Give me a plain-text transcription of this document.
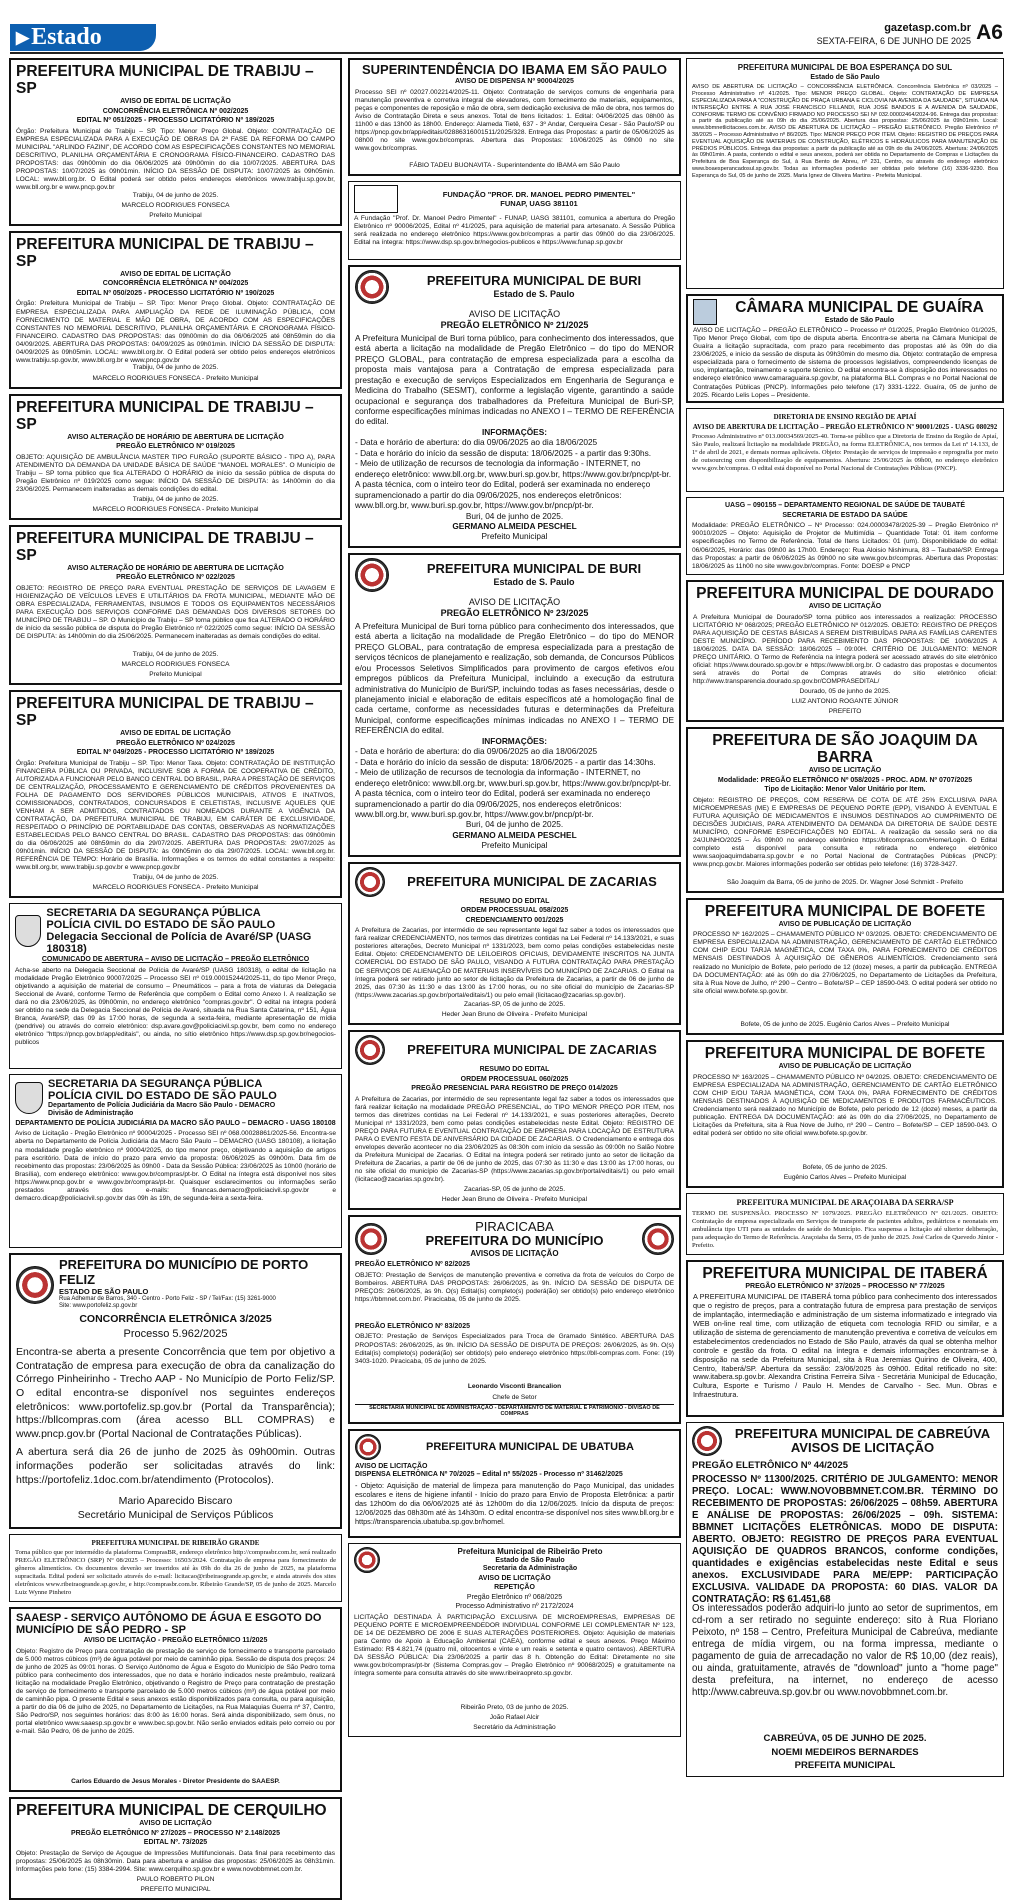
▶Estado	gazetasp.com.br
SEXTA-FEIRA, 6 DE JUNHO DE 2025 A6
PREFEITURA MUNICIPAL DE TRABIJU – SP
AVISO DE EDITAL DE LICITAÇÃO
CONCORRÊNCIA ELETRÔNICA Nº 002/2025
EDITAL Nº 051/2025 - PROCESSO LICITATÓRIO Nº 189/2025

Órgão: Prefeitura Municipal de Trabiju – SP. Tipo: Menor Preço Global. Objeto: CONTRATAÇÃO DE EMPRESA ESPECIALIZADA PARA A EXECUÇÃO DE OBRAS DA 2ª FASE DA REFORMA DO CAMPO MUNICIPAL "ARLINDO FAZINI", DE ACORDO COM AS ESPECIFICAÇÕES CONSTANTES NO MEMORIAL DESCRITIVO, PLANILHA ORÇAMENTÁRIA E CRONOGRAMA FÍSICO-FINANCEIRO. CADASTRO DAS PROPOSTAS: das 09h00min do dia 06/06/2025 até 09h00min do dia 10/07/2025. ABERTURA DAS PROPOSTAS: 10/07/2025 às 09h01min. INÍCIO DA SESSÃO DE DISPUTA: 10/07/2025 às 09h05min. LOCAL: www.bll.org.br. O Edital poderá ser obtido pelos endereços eletrônicos www.trabiju.sp.gov.br, www.bll.org.br e www.pncp.gov.br

Trabiju, 04 de junho de 2025.
MARCELO RODRIGUES FONSECA
Prefeito Municipal
PREFEITURA MUNICIPAL DE TRABIJU – SP
AVISO DE EDITAL DE LICITAÇÃO
CONCORRÊNCIA ELETRÔNICA Nº 004/2025
EDITAL Nº 050/2025 - PROCESSO LICITATÓRIO Nº 190/2025

Órgão: Prefeitura Municipal de Trabiju – SP. Tipo: Menor Preço Global. Objeto: CONTRATAÇÃO DE EMPRESA ESPECIALIZADA PARA AMPLIAÇÃO DA REDE DE ILUMINAÇÃO PÚBLICA, COM FORNECIMENTO DE MATERIAL E MÃO DE OBRA, DE ACORDO COM AS ESPECIFICAÇÕES CONSTANTES NO MEMORIAL DESCRITIVO, PLANILHA ORÇAMENTÁRIA E CRONOGRAMA FÍSICO-FINANCEIRO. CADASTRO DAS PROPOSTAS: das 09h00min do dia 06/06/2025 até 08h59min do dia 04/09/2025. ABERTURA DAS PROPOSTAS: 04/09/2025 às 09h01min. INÍCIO DA SESSÃO DE DISPUTA: 04/09/2025 às 09h05min. LOCAL: www.bll.org.br. O Edital poderá ser obtido pelos endereços eletrônicos www.trabiju.sp.gov.br, www.bll.org.br e www.pncp.gov.br

Trabiju, 04 de junho de 2025.
MARCELO RODRIGUES FONSECA - Prefeito Municipal
PREFEITURA MUNICIPAL DE TRABIJU – SP
AVISO ALTERAÇÃO DE HORÁRIO DE ABERTURA DE LICITAÇÃO
PREGÃO ELETRÔNICO Nº 019/2025

OBJETO: AQUISIÇÃO DE AMBULÂNCIA MASTER TIPO FURGÃO (SUPORTE BÁSICO - TIPO A), PARA ATENDIMENTO DA DEMANDA DA UNIDADE BÁSICA DE SAÚDE "MANOEL MORALES". O Município de Trabiju – SP torna público que fica ALTERADO O HORÁRIO de início da sessão pública de disputa do Pregão Eletrônico nº 019/2025 como segue: INÍCIO DA SESSÃO DE DISPUTA: às 14h00min do dia 23/06/2025. Permanecem inalteradas as demais condições do edital.

Trabiju, 04 de junho de 2025.
MARCELO RODRIGUES FONSECA - Prefeito Municipal
PREFEITURA MUNICIPAL DE TRABIJU – SP
AVISO ALTERAÇÃO DE HORÁRIO DE ABERTURA DE LICITAÇÃO
PREGÃO ELETRÔNICO Nº 022/2025

OBJETO: REGISTRO DE PREÇO PARA EVENTUAL PRESTAÇÃO DE SERVIÇOS DE LAVAGEM E HIGIENIZAÇÃO DE VEÍCULOS LEVES E UTILITÁRIOS DA FROTA MUNICIPAL, MEDIANTE MÃO DE OBRA ESPECIALIZADA, FERRAMENTAS, INSUMOS E TODOS OS EQUIPAMENTOS NECESSÁRIOS PARA EXECUÇÃO DOS SERVIÇOS CONFORME DAS DEMANDAS DOS DIVERSOS SETORES DO MUNICÍPIO DE TRABIJU – SP. O Município de Trabiju – SP torna público que fica ALTERADO O HORÁRIO de início da sessão pública de disputa do Pregão Eletrônico nº 022/2025 como segue: INÍCIO DA SESSÃO DE DISPUTA: às 14h00min do dia 25/06/2025. Permanecem inalteradas as demais condições do edital.

Trabiju, 04 de junho de 2025.
MARCELO RODRIGUES FONSECA
Prefeito Municipal
PREFEITURA MUNICIPAL DE TRABIJU – SP
AVISO DE EDITAL DE LICITAÇÃO
PREGÃO ELETRÔNICO Nº 024/2025
EDITAL Nº 049/2025 - PROCESSO LICITATÓRIO Nº 189/2025

Órgão: Prefeitura Municipal de Trabiju – SP. Tipo: Menor Taxa. Objeto: CONTRATAÇÃO DE INSTITUIÇÃO FINANCEIRA PÚBLICA OU PRIVADA, INCLUSIVE SOB A FORMA DE COOPERATIVA DE CRÉDITO, AUTORIZADA A FUNCIONAR PELO BANCO CENTRAL DO BRASIL, PARA A PRESTAÇÃO DE SERVIÇOS DE CENTRALIZAÇÃO, PROCESSAMENTO E GERENCIAMENTO DE CRÉDITOS PROVENIENTES DA FOLHA DE PAGAMENTO DOS SERVIDORES PÚBLICOS MUNICIPAIS, ATIVOS E INATIVOS, COMISSIONADOS, CONTRATADOS, CONCURSADOS E CELETISTAS, INCLUSIVE AQUELES QUE VENHAM A SER ADMITIDOS, CONTRATADOS OU NOMEADOS DURANTE A VIGÊNCIA DA CONTRATAÇÃO, DA PREFEITURA MUNICIPAL DE TRABIJU, EM CARÁTER DE EXCLUSIVIDADE, RESPEITADO O PRINCÍPIO DE PORTABILIDADE DAS CONTAS, OBSERVADAS AS NORMATIZAÇÕES ESTABELECIDAS PELO BANCO CENTRAL DO BRASIL. CADASTRO DAS PROPOSTAS: das 09h00min do dia 06/06/2025 até 08h59min do dia 29/07/2025. ABERTURA DAS PROPOSTAS: 29/07/2025 às 09h01min. INÍCIO DA SESSÃO DE DISPUTA: às 09h05min do dia 29/07/2025. LOCAL: www.bll.org.br. REFERÊNCIA DE TEMPO: Horário de Brasília. Informações e os termos do edital constantes a respeito: www.bll.org.br, www.trabiju.sp.gov.br e www.pncp.gov.br

Trabiju, 04 de junho de 2025.
MARCELO RODRIGUES FONSECA - Prefeito Municipal
SECRETARIA DA SEGURANÇA PÚBLICA
POLÍCIA CIVIL DO ESTADO DE SÃO PAULO
Delegacia Seccional de Polícia de Avaré/SP (UASG 180318)
COMUNICADO DE ABERTURA – AVISO DE LICITAÇÃO – PREGÃO ELETRÔNICO

Acha-se aberto na Delegacia Seccional de Polícia de Avaré/SP (UASG 180318), o edital de licitação na modalidade Pregão Eletrônico 90007/2025 – Processo SEI nº 019.00015244/2025-11, do tipo Menor Preço, objetivando a aquisição de material de consumo – Pneumáticos – para a frota de viaturas da Delegacia Seccional de Avaré, conforme Termo de Referência que compõem o Edital como Anexo I. A realização se dará no dia 23/06/2025, às 09h00min, no endereço eletrônico "compras.gov.br". O edital na íntegra poderá ser obtido na sede da Delegacia Seccional de Polícia de Avaré, situada na Rua Santa Catarina, nº 151, Água Branca, Avaré/SP, das 09 às 17:00 horas, de segunda a sexta-feira, mediante apresentação de mídia (pendrive) ou através do correio eletrônico: dsp.avare.gov@policiacivil.sp.gov.br, bem como no endereço eletrônico "https://pncp.gov.br/app/editais", ou ainda, no sítio eletrônico https://www.dsp.sp.gov.br/negocios-publicos

SECRETARIA DA SEGURANÇA PÚBLICA
POLÍCIA CIVIL DO ESTADO DE SÃO PAULO
Departamento de Polícia Judiciária da Macro São Paulo - DEMACRO
Divisão de Administração
DEPARTAMENTO DE POLÍCIA JUDICIÁRIA DA MACRO SÃO PAULO – DEMACRO - UASG 180108

Aviso de Licitação - Pregão Eletrônico nº 90004/2025 - Processo SEI nº 068.00028861/2025-56. Encontra-se aberta no Departamento de Polícia Judiciária da Macro São Paulo – DEMACRO (UASG 180108), a licitação na modalidade pregão eletrônico nº 90004/2025, do tipo menor preço, objetivando a aquisição de artigos para escritório. Data de início do prazo para envio da proposta: 06/06/2025 às 09h00m. Data fim de recebimento das propostas: 23/06/2025 às 09h00 - Data da Sessão Pública: 23/06/2025 às 10h00 (horário de Brasília), com endereço eletrônico: www.gov.br/compras/pt-br. O Edital na íntegra está disponível nos sites https://www.pncp.gov.br e www.gov.br/compras/pt-br. Quaisquer esclarecimentos ou informações serão prestados através dos e-mails: financas.demacro@policiacivil.sp.gov.br e demacro.dicap@policiacivil.sp.gov.br das 09h às 19h, de segunda-feira a sexta-feira.

PREFEITURA DO MUNICÍPIO DE PORTO FELIZ
ESTADO DE SÃO PAULO
Rua Adhemar de Barros, 340 - Centro - Porto Feliz - SP / Tel/Fax: (15) 3261-9000
Site: www.portofeliz.sp.gov.br
CONCORRÊNCIA ELETRÔNICA 3/2025
Processo 5.962/2025

Encontra-se aberta a presente Concorrência que tem por objetivo a Contratação de empresa para execução de obra da canalização do Córrego Pinheirinho - Trecho AAP - No Município de Porto Feliz/SP. O edital encontra-se disponível nos seguintes endereços eletrônicos: www.portofeliz.sp.gov.br (Portal da Transparência); https://bllcompras.com (área acesso BLL COMPRAS) e www.pncp.gov.br (Portal Nacional de Contratações Públicas).

A abertura será dia 26 de junho de 2025 às 09h00min. Outras informações poderão ser solicitadas através do link: https://portofeliz.1doc.com.br/atendimento (Protocolos).

Mario Aparecido Biscaro

Secretário Municipal de Serviços Públicos

PREFEITURA MUNICIPAL DE RIBEIRÃO GRANDE

Torna público que por intermédio da plataforma ComprasBR, endereço eletrônico http://comprasbr.com.br, será realizado PREGÃO ELETRÔNICO (SRP) Nº 08/2025 – Processo: 16503/2024. Contratação de empresa para fornecimento de gêneros alimentícios. Os documentos deverão ser inseridos até às 09h do dia 26 de junho de 2025, na plataforma supracitada. Edital poderá ser solicitado através do e-mail: licitacao@ribeiraogrande.sp.gov.br, e ainda através dos sites eletrônicos www.ribeiraogrande.sp.gov.br, e http://comprasbr.com.br. Ribeirão Grande/SP, 05 de junho de 2025. Marcelo Luiz Wynne Pinheiro

SAAESP - SERVIÇO AUTÔNOMO DE ÁGUA E ESGOTO DO MUNICÍPIO DE SÃO PEDRO - SP
AVISO DE LICITAÇÃO - PREGÃO ELETRÔNICO 11/2025

Objeto: Registro de Preço para contratação de prestação de serviço de fornecimento e transporte parcelado de 5.000 metros cúbicos (m³) de água potável por meio de caminhão pipa. Sessão de disputa dos preços: 24 de junho de 2025 às 09:01 horas. O Serviço Autônomo de Água e Esgoto do Município de São Pedro torna público para conhecimento dos interessados, que no data e horário indicados neste preâmbulo, realizará licitação na modalidade Pregão Eletrônico, objetivando o Registro de Preço para contratação de prestação de serviço de fornecimento e transporte parcelado de 5.000 metros cúbicos (m³) de água potável por meio de caminhão pipa. O presente Edital e seus anexos estão disponibilizados para consulta, ou para aquisição, a partir do dia 06 de julho de 2025, no Departamento de Licitações, na Rua Malaquias Guerra nº 37, Centro, São Pedro/SP, nos seguintes horários: das 8:00 às 16:00 horas. Será ainda disponibilizado, sem ônus, no portal eletrônico www.saaesp.sp.gov.br e www.bec.sp.gov.br. Não serão enviados editais pelo correio ou por e-mail. São Pedro, 06 de junho de 2025.

Carlos Eduardo de Jesus Morales - Diretor Presidente do SAAESP.
PREFEITURA MUNICIPAL DE CERQUILHO
AVISO DE LICITAÇÃO
PREGÃO ELETRÔNICO Nº 27/2025 – PROCESSO Nº 2.148/2025
EDITAL Nº. 73/2025

Objeto: Prestação de Serviço de Açougue de Impressões Multifuncionais. Data final para recebimento das propostas: 25/06/2025 às 08h30min. Data para abertura e análise das propostas: 25/06/2025 às 08h31min. Informações pelo fone: (15) 3384-2994. Site: www.cerquilho.sp.gov.br e www.novobbmnet.com.br.

PAULO ROBERTO PILON
PREFEITO MUNICIPAL
SUPERINTENDÊNCIA DO IBAMA EM SÃO PAULO
AVISO DE DISPENSA Nº 90004/2025

Processo SEI nº 02027.002214/2025-11. Objeto: Contratação de serviços comuns de engenharia para manutenção preventiva e corretiva integral de elevadores, com fornecimento de materiais, equipamentos, peças e componentes de reposição e mão de obra, sem dedicação exclusiva de mão de obra, nos termos do Aviso de Contratação Direta e seus anexos. Total de Itens licitados: 1. Edital: 04/06/2025 das 08h00 às 11h00 e das 13h00 às 18h00. Endereço: Alameda Tietê, 637 - 3º Andar, Cerqueira Cesar - São Paulo/SP ou https://pncp.gov.br/app/editais/02886316001511/2025/328. Entrega das Propostas: a partir de 05/06/2025 às 08h00 no site www.gov.br/compras. Abertura das Propostas: 10/06/2025 às 09h00 no site www.gov.br/compras.

FÁBIO TADEU BUONAVITA - Superintendente do IBAMA em São Paulo
FUNDAÇÃO "PROF. DR. MANOEL PEDRO PIMENTEL"
FUNAP, UASG 381101

A Fundação "Prof. Dr. Manoel Pedro Pimentel" - FUNAP, UASG 381101, comunica a abertura do Pregão Eletrônico nº 90006/2025, Edital nº 41/2025, para aquisição de material para artesanato. A Sessão Pública será realizada no endereço eletrônico https://www.gov.br/compras a partir das 09h00 do dia 23/06/2025. Edital na íntegra: https://www.dsp.sp.gov.br/negocios-publicos e https://www.funap.sp.gov.br

PREFEITURA MUNICIPAL DE BURI
Estado de S. Paulo
AVISO DE LICITAÇÃO
PREGÃO ELETRÔNICO Nº 21/2025

A Prefeitura Municipal de Buri torna público, para conhecimento dos interessados, que está aberta a licitação na modalidade de Pregão Eletrônico – do tipo do MENOR PREÇO GLOBAL, para contratação de empresa especializada para a escolha da proposta mais vantajosa para a Contratação de empresa especializada para prestação e execução de serviços Especializados em Engenharia de Segurança e Medicina do Trabalho (SESMT), conforme a legislação vigente, garantindo a saúde ocupacional e segurança dos trabalhadores da Prefeitura Municipal de Buri-SP, conforme especificações mínimas indicadas no ANEXO I – TERMO DE REFERÊNCIA do edital.

INFORMAÇÕES:
- Data e horário de abertura: do dia 09/06/2025 ao dia 18/06/2025
- Data e horário do início da sessão de disputa: 18/06/2025 - a partir das 9:30hs.
- Meio de utilização de recursos de tecnologia da informação - INTERNET, no endereço eletrônico: www.bll.org.br, www.buri.sp.gov.br, https://www.gov.br/pncp/pt-br. A pasta técnica, com o inteiro teor do Edital, poderá ser examinada no endereço supramencionado a partir do dia 09/06/2025, nos endereços eletrônicos: www.bll.org.br, www.buri.sp.gov.br, https://www.gov.br/pncp/pt-br.
Buri, 04 de junho de 2025.
GERMANO ALMEIDA PESCHEL
Prefeito Municipal
PREFEITURA MUNICIPAL DE BURI
Estado de S. Paulo
AVISO DE LICITAÇÃO
PREGÃO ELETRÔNICO Nº 23/2025

A Prefeitura Municipal de Buri torna público para conhecimento dos interessados, que está aberta a licitação na modalidade de Pregão Eletrônico – do tipo do MENOR PREÇO GLOBAL, para contratação de empresa especializada para a prestação de serviços técnicos de planejamento e realização, sob demanda, de Concursos Públicos e/ou Processos Seletivos Simplificados para provimento de cargos efetivos e/ou empregos públicos da Prefeitura Municipal, incluindo a execução da estrutura administrativa do Município de Buri/SP, incluindo todas as fases necessárias, desde o planejamento inicial e elaboração de editais específicos até a homologação final de cada certame, conforme as necessidades futuras e determinações da Prefeitura Municipal, conforme especificações mínimas indicadas no ANEXO I – TERMO DE REFERÊNCIA do edital.

INFORMAÇÕES:
- Data e horário de abertura: do dia 09/06/2025 ao dia 18/06/2025
- Data e horário do início da sessão de disputa: 18/06/2025 - a partir das 14:30hs.
- Meio de utilização de recursos de tecnologia da informação - INTERNET, no endereço eletrônico: www.bll.org.br, www.buri.sp.gov.br, https://www.gov.br/pncp/pt-br. A pasta técnica, com o inteiro teor do Edital, poderá ser examinada no endereço supramencionado a partir do dia 09/06/2025, nos endereços eletrônicos: www.bll.org.br, www.buri.sp.gov.br, https://www.gov.br/pncp/pt-br.
Buri, 04 de junho de 2025.
GERMANO ALMEIDA PESCHEL
Prefeito Municipal
PREFEITURA MUNICIPAL DE ZACARIAS
RESUMO DO EDITAL
ORDEM PROCESSUAL 058/2025
CREDENCIAMENTO 001/2025

A Prefeitura de Zacarias, por intermédio de seu representante legal faz saber a todos os interessados que fará realizar CREDENCIAMENTO, nos termos das diretrizes contidas na Lei Federal nº 14.133/2021, e suas posteriores alterações, Decreto Municipal nº 1331/2023, bem como pelas condições estabelecidas neste Edital. Objeto: CREDENCIAMENTO DE LEILOEIROS OFICIAIS, DEVIDAMENTE INSCRITOS NA JUNTA COMERCIAL DO ESTADO DE SÃO PAULO, VISANDO A FUTURA CONTRATAÇÃO PARA PRESTAÇÃO DE SERVIÇOS DE ALIENAÇÃO DE MATERIAIS INSERVÍVEIS DO MUNICÍPIO DE ZACARIAS. O Edital na íntegra poderá ser retirado junto ao setor de licitação da Prefeitura de Zacarias, a partir de 06 de junho de 2025, das 07:30 às 11:30 e das 13:00 às 17:00 horas, ou no site oficial do município de Zacarias-SP (https://www.zacarias.sp.gov.br/portal/editais/1) ou pelo email (licitacao@zacarias.sp.gov.br).

Zacarias-SP, 05 de junho de 2025.
Heder Jean Bruno de Oliveira - Prefeito Municipal
PREFEITURA MUNICIPAL DE ZACARIAS
RESUMO DO EDITAL
ORDEM PROCESSUAL 060/2025
PREGÃO PRESENCIAL PARA REGISTRO DE PREÇO 014/2025

A Prefeitura de Zacarias, por intermédio de seu representante legal faz saber a todos os interessados que fará realizar licitação na modalidade PREGÃO PRESENCIAL, do TIPO MENOR PREÇO POR ITEM, nos termos das diretrizes contidas na Lei Federal nº 14.133/2021, e suas posteriores alterações, Decreto Municipal nº 1331/2023, bem como pelas condições estabelecidas neste Edital. Objeto: REGISTRO DE PREÇO PARA FUTURA E EVENTUAL CONTRATAÇÃO DE EMPRESA PARA LOCAÇÃO DE ESTRUTURA PARA O EVENTO FESTA DE ANIVERSÁRIO DA CIDADE DE ZACARIAS. O Credenciamento e entrega dos envelopes deverão acontecer no dia 23/06/2025 às 08:30h com início da sessão às 09:00h no Salão Nobre da Prefeitura Municipal de Zacarias. O Edital na íntegra poderá ser retirado junto ao setor de licitação da Prefeitura de Zacarias, a partir de 06 de junho de 2025, das 07:30 às 11:30 e das 13:00 às 17:00 horas, ou no site oficial do município de Zacarias-SP (https://www.zacarias.sp.gov.br/portal/editais/1) ou pelo email (licitacao@zacarias.sp.gov.br).

Zacarias-SP, 05 de junho de 2025.
Heder Jean Bruno de Oliveira - Prefeito Municipal
PIRACICABA
PREFEITURA DO MUNICÍPIO
AVISOS DE LICITAÇÃO
PREGÃO ELETRÔNICO Nº 82/2025

OBJETO: Prestação de Serviços de manutenção preventiva e corretiva da frota de veículos do Corpo de Bombeiros. ABERTURA DAS PROPOSTAS: 26/06/2025, às 9h. INÍCIO DA SESSÃO DE DISPUTA DE PREÇOS: 26/06/2025, às 9h. O(s) Edital(is) completo(s) poderá(ão) ser obtido(s) pelo endereço eletrônico https://bbmnet.com.br/. Piracicaba, 05 de junho de 2025.

PREGÃO ELETRÔNICO Nº 83/2025

OBJETO: Prestação de Serviços Especializados para Troca de Gramado Sintético. ABERTURA DAS PROPOSTAS: 26/06/2025, às 9h. INÍCIO DA SESSÃO DE DISPUTA DE PREÇOS: 26/06/2025, às 9h. O(s) Edital(is) completo(s) poderá(ão) ser obtido(s) pelo endereço eletrônico https://bll-compras.com. Fone: (19) 3403-1020. Piracicaba, 05 de junho de 2025.

Leonardo Visconti Brancalion
Chefe de Setor
SECRETARIA MUNICIPAL DE ADMINISTRAÇÃO - DEPARTAMENTO DE MATERIAL E PATRIMÔNIO - DIVISÃO DE COMPRAS
PREFEITURA MUNICIPAL DE UBATUBA
AVISO DE LICITAÇÃO
DISPENSA ELETRÔNICA Nº 70/2025 – Edital nº 55/2025 - Processo nº 31462/2025

- Objeto: Aquisição de material de limpeza para manutenção do Paço Municipal, das unidades escolares e itens de higiene infantil - Início do prazo para Envio de Proposta Eletrônica: a partir das 12h00m do dia 06/06/2025 até às 12h00m do dia 12/06/2025. Início da disputa de preços: 12/06/2025 das 08h30m até às 14h30m. O edital encontra-se disponível nos sites www.bll.org.br e https://transparencia.ubatuba.sp.gov.br/homel.

Prefeitura Municipal de Ribeirão Preto
Estado de São Paulo
Secretaria da Administração
AVISO DE LICITAÇÃO
REPETIÇÃO
Pregão Eletrônico nº 068/2025
Processo Administrativo nº 2172/2024

LICITAÇÃO DESTINADA À PARTICIPAÇÃO EXCLUSIVA DE MICROEMPRESAS, EMPRESAS DE PEQUENO PORTE E MICROEMPREENDEDOR INDIVIDUAL CONFORME LEI COMPLEMENTAR Nº 123, DE 14 DE DEZEMBRO DE 2006 E SUAS ALTERAÇÕES POSTERIORES. Objeto: Aquisição de materiais para Centro de Apoio à Educação Ambiental (CAEA), conforme edital e seus anexos. Preço Máximo Estimado: R$ 4.821,74 (quatro mil, oitocentos e vinte e um reais e setenta e quatro centavos). ABERTURA DA SESSÃO PÚBLICA: Dia 23/06/2025 a partir das 8 h. Obtenção do Edital: Diretamente no site www.gov.br/compras/pt-br (Sistema Compras.gov – Pregão Eletrônico nº 90068/2025) e gratuitamente na íntegra somente para consulta através do site www.ribeiraopreto.sp.gov.br.

Ribeirão Preto, 03 de junho de 2025.
João Rafael Alcir
Secretário da Administração
PREFEITURA MUNICIPAL DE BOA ESPERANÇA DO SUL
Estado de São Paulo

AVISO DE ABERTURA DE LICITAÇÃO – CONCORRÊNCIA ELETRÔNICA. Concorrência Eletrônica nº 03/2025 – Processo Administrativo nº 41/2025. Tipo: MENOR PREÇO GLOBAL. Objeto: CONTRATAÇÃO DE EMPRESA ESPECIALIZADA PARA A "CONSTRUÇÃO DE PRAÇA URBANA E CICLOVIA NA AVENIDA DA SAUDADE", SITUADA NA INTERSEÇÃO ENTRE A RUA JOSÉ FRANCISCO FILLANDI, RUA JOSÉ BANDOS E A AVENIDA DA SAUDADE, CONFORME TERMO DE CONVÊNIO FIRMADO NO PROCESSO SEI Nº 032.00002464/2024-96. Entrega das propostas: a partir da publicação até as 09h do dia 25/06/2025. Abertura das propostas: 25/06/2025 às 09h01min. Local: www.bbmnetlicitacoes.com.br. AVISO DE ABERTURA DE LICITAÇÃO – PREGÃO ELETRÔNICO. Pregão Eletrônico nº 38/2025 – Processo Administrativo nº 86/2025. Tipo: MENOR PREÇO POR ITEM. Objeto: REGISTRO DE PREÇOS PARA EVENTUAL AQUISIÇÃO DE MATERIAIS DE CONSTRUÇÃO, ELÉTRICOS E HIDRÁULICOS PARA MANUTENÇÃO DE PRÉDIOS PÚBLICOS. Entrega das propostas: a partir da publicação até as 09h do dia 24/06/2025. Abertura: 24/06/2025 às 09h01min. A pasta, contendo o edital e seus anexos, poderá ser obtida no Departamento de Compras e Licitações da Prefeitura de Boa Esperança do Sul, à Rua Bento de Abreu, nº 231, Centro, ou através do endereço eletrônico www.boaesperancadosul.sp.gov.br. Todas as informações poderão ser obtidas pelo telefone (16) 3336-9230. Boa Esperança do Sul, 05 de junho de 2025. Maria Ignez de Oliveira Martins - Prefeita Municipal.

CÂMARA MUNICIPAL DE GUAÍRA
Estado de São Paulo

AVISO DE LICITAÇÃO – PREGÃO ELETRÔNICO – Processo nº 01/2025, Pregão Eletrônico 01/2025, Tipo Menor Preço Global, com tipo de disputa aberta. Encontra-se aberta na Câmara Municipal de Guaíra a licitação supracitada, com prazo para recebimento das propostas até às 09h do dia 23/06/2025, e início da sessão de disputa às 09h30min do mesmo dia. Objeto: contratação de empresa especializada para o fornecimento de sistema de processos legislativos, compreendendo licenças de uso, implantação, treinamento e suporte técnico. O edital encontra-se à disposição dos interessados no endereço eletrônico www.camaraguaira.sp.gov.br, na plataforma BLL Compras e no Portal Nacional de Contratações Públicas (PNCP). Informações pelo telefone (17) 3331-1222. Guaíra, 05 de junho de 2025. Ricardo Lelis Lopes – Presidente.

DIRETORIA DE ENSINO REGIÃO DE APIAÍ
AVISO DE ABERTURA DE LICITAÇÃO – PREGÃO ELETRÔNICO Nº 90001/2025 - UASG 080292

Processo Administrativo nº 013.00034569/2025-40. Torna-se público que a Diretoria de Ensino da Região de Apiaí, São Paulo, realizará licitação na modalidade PREGÃO, na forma ELETRÔNICA, nos termos da Lei nº 14.133, de 1º de abril de 2021, e demais normas aplicáveis. Objeto: Prestação de serviços de impressão e reprografia por meio de outsourcing com disponibilização de equipamentos. Abertura: 25/06/2025 às 09h00, no endereço eletrônico www.gov.br/compras. O edital está disponível no Portal Nacional de Contratações Públicas (PNCP).

UASG – 090155 – DEPARTAMENTO REGIONAL DE SAÚDE DE TAUBATÉ
SECRETARIA DE ESTADO DA SAÚDE

Modalidade: PREGÃO ELETRÔNICO – Nº Processo: 024.00003478/2025-39 – Pregão Eletrônico nº 90010/2025 – Objeto: Aquisição de Projetor de Multimídia – Quantidade Total: 01 item conforme especificações no Termo de Referência. Total de Itens Licitados: 01 (um). Disponibilidade do edital: 06/06/2025, Horário: das 09h00 às 17h00. Endereço: Rua Aloisio Nishimura, 83 – Taubaté/SP. Entrega das Propostas: a partir de 06/06/2025 às 09h00 no site www.gov.br/compras. Abertura das Propostas: 18/06/2025 às 11h00 no site www.gov.br/compras. Fonte: DOESP e PNCP

PREFEITURA MUNICIPAL DE DOURADO
AVISO DE LICITAÇÃO

A Prefeitura Municipal de Dourado/SP torna público aos interessados a realização: PROCESSO LICITATÓRIO Nº 068/2025; PREGÃO ELETRÔNICO Nº 012/2025. OBJETO: REGISTRO DE PREÇOS PARA AQUISIÇÃO DE CESTAS BÁSICAS A SEREM DISTRIBUÍDAS PARA AS FAMÍLIAS CARENTES DESTE MUNICÍPIO. PERÍODO PARA RECEBIMENTO DAS PROPOSTAS: DE 10/06/2025 A 18/06/2025. DATA DA SESSÃO: 18/06/2025 – 09:00H. CRITÉRIO DE JULGAMENTO: MENOR PREÇO UNITÁRIO. O Termo de Referência na íntegra poderá ser acessado através do site eletrônico oficial: https://www.dourado.sp.gov.br e https://www.bll.org.br. O cadastro das propostas e documentos será através do Portal de Compras através do sítio eletrônico oficial: http://www.transparencia.dourado.sp.gov.br/COMPRASEDITAL/

Dourado, 05 de junho de 2025.
LUIZ ANTONIO ROGANTE JÚNIOR
PREFEITO
PREFEITURA DE SÃO JOAQUIM DA BARRA
AVISO DE LICITAÇÃO
Modalidade: PREGÃO ELETRÔNICO Nº 058/2025 - PROC. ADM. Nº 0707/2025
Tipo de Licitação: Menor Valor Unitário por Item.

Objeto: REGISTRO DE PREÇOS, COM RESERVA DE COTA DE ATÉ 25% EXCLUSIVA PARA MICROEMPRESAS (ME) E EMPRESAS DE PEQUENO PORTE (EPP), VISANDO À EVENTUAL E FUTURA AQUISIÇÃO DE MEDICAMENTOS E INSUMOS DESTINADOS AO CUMPRIMENTO DE DECISÕES JUDICIAIS, PARA ATENDIMENTO DA DEMANDA DA DIRETORIA DE SAÚDE DESTE MUNICÍPIO, CONFORME ESPECIFICAÇÕES NO EDITAL. A realização da sessão será no dia 24/JUNHO/2025 – Às 09h00 no endereço eletrônico https://bllcompras.com/Home/Login. O Edital completo está disponível para consulta e retirada no endereço eletrônico www.saojoaquimdabarra.sp.gov.br e no Portal Nacional de Contratações Públicas (PNCP): www.pncp.gov.br. Maiores informações poderão ser obtidas pelo telefone: (16) 3728-3427.

São Joaquim da Barra, 05 de junho de 2025. Dr. Wagner José Schmidt - Prefeito
PREFEITURA MUNICIPAL DE BOFETE
AVISO DE PUBLICAÇÃO DE LICITAÇÃO

PROCESSO Nº 162/2025 – CHAMAMENTO PÚBLICO Nº 03/2025. OBJETO: CREDENCIAMENTO DE EMPRESA ESPECIALIZADA NA ADMINISTRAÇÃO, GERENCIAMENTO DE CARTÃO ELETRÔNICO COM CHIP E/OU TARJA MAGNÉTICA, COM TAXA 0%, PARA FORNECIMENTO DE CRÉDITOS MENSAIS DESTINADOS À AQUISIÇÃO DE GÊNEROS ALIMENTÍCIOS. Credenciamento será realizado no Município de Bofete, pelo período de 12 (doze) meses, a partir da publicação. ENTREGA DA DOCUMENTAÇÃO: até às 09h do dia 27/06/2025, no Departamento de Licitações da Prefeitura, sita à Rua Nove de Julho, nº 290 – Centro – Bofete/SP – CEP 18590-043. O edital poderá ser obtido no site oficial www.bofete.sp.gov.br.

Bofete, 05 de junho de 2025. Eugênio Carlos Alves – Prefeito Municipal
PREFEITURA MUNICIPAL DE BOFETE
AVISO DE PUBLICAÇÃO DE LICITAÇÃO

PROCESSO Nº 163/2025 – CHAMAMENTO PÚBLICO Nº 04/2025. OBJETO: CREDENCIAMENTO DE EMPRESA ESPECIALIZADA NA ADMINISTRAÇÃO, GERENCIAMENTO DE CARTÃO ELETRÔNICO COM CHIP E/OU TARJA MAGNÉTICA, COM TAXA 0%, PARA FORNECIMENTO DE CRÉDITOS MENSAIS DESTINADOS À AQUISIÇÃO DE MEDICAMENTOS E PRODUTOS FARMACÊUTICOS. Credenciamento será realizado no Município de Bofete, pelo período de 12 (doze) meses, a partir da publicação. ENTREGA DA DOCUMENTAÇÃO: até às 09h do dia 27/06/2025, no Departamento de Licitações da Prefeitura, sita à Rua Nove de Julho, nº 290 – Centro – Bofete/SP – CEP 18590-043. O edital poderá ser obtido no site oficial www.bofete.sp.gov.br.

Bofete, 05 de junho de 2025.
Eugênio Carlos Alves – Prefeito Municipal
PREFEITURA MUNICIPAL DE ARAÇOIABA DA SERRA/SP

TERMO DE SUSPENSÃO. PROCESSO Nº 1079/2025. PREGÃO ELETRÔNICO Nº 021/2025. OBJETO: Contratação de empresa especializada em Serviços de transporte de pacientes adultos, pediátricos e neonatais em ambulância tipo UTI para as unidades de saúde do Município. Fica suspensa a licitação até ulterior deliberação, para adequação do Termo de Referência. Araçoiaba da Serra, 05 de junho de 2025. José Carlos de Quevedo Júnior - Prefeito.

PREFEITURA MUNICIPAL DE ITABERÁ
PREGÃO ELETRÔNICO Nº 37/2025 – PROCESSO Nº 77/2025

A PREFEITURA MUNICIPAL DE ITABERÁ torna público para conhecimento dos interessados que o registro de preços, para a contratação futura de empresa para prestação de serviços de implantação, intermediação e administração de um sistema informatizado e integrado via WEB on-line real time, com utilização de etiqueta com tecnologia RFID ou similar, e a utilização de sistema de gerenciamento de manutenção preventiva e corretiva de veículos em estabelecimentos credenciados no Estado de São Paulo, através da qual se obtenha melhor controle e gestão da frota. O edital na íntegra e demais informações encontram-se à disposição na sede da Prefeitura Municipal, sita à Rua Jeremias Quirino de Oliveira, 400, Centro, Itaberá/SP. Abertura da sessão: 23/06/2025 às 09h00. Edital retificado no site: www.itabera.sp.gov.br. Alexandra Cristina Ferreira Silva - Secretária Municipal de Educação, Cultura, Esporte e Turismo / Paulo H. Mendes de Carvalho - Sec. Mun. Obras e Infraestrutura.

PREFEITURA MUNICIPAL DE CABREÚVA
AVISOS DE LICITAÇÃO
PREGÃO ELETRÔNICO Nº 44/2025

PROCESSO Nº 11300/2025. CRITÉRIO DE JULGAMENTO: MENOR PREÇO. LOCAL: WWW.NOVOBBMNET.COM.BR. TÉRMINO DO RECEBIMENTO DE PROPOSTAS: 26/06/2025 – 08h59. ABERTURA E ANÁLISE DE PROPOSTAS: 26/06/2025 – 09h. SISTEMA: BBMNET LICITAÇÕES ELETRÔNICAS. MODO DE DISPUTA: ABERTO. OBJETO: REGISTRO DE PREÇOS PARA EVENTUAL AQUISIÇÃO DE QUADROS BRANCOS, conforme condições, quantidades e exigências estabelecidas neste Edital e seus anexos. EXCLUSIVIDADE PARA ME/EPP: PARTICIPAÇÃO EXCLUSIVA. VALIDADE DA PROPOSTA: 60 DIAS. VALOR DA CONTRATAÇÃO: R$ 61.451,68

Os interessados poderão adquiri-lo junto ao setor de suprimentos, em cd-rom a ser retirado no seguinte endereço: sito à Rua Floriano Peixoto, nº 158 – Centro, Prefeitura Municipal de Cabreúva, mediante entrega de mídia virgem, ou na forma impressa, mediante o pagamento de guia de arrecadação no valor de R$ 10,00 (dez reais), ou ainda, gratuitamente, através de "download" junto a "home page" desta prefeitura, na internet, no endereço de acesso http://www.cabreuva.sp.gov.br ou www.novobbmnet.com.br.

CABREÚVA, 05 DE JUNHO DE 2025.
NOEMI MEDEIROS BERNARDES
PREFEITA MUNICIPAL
